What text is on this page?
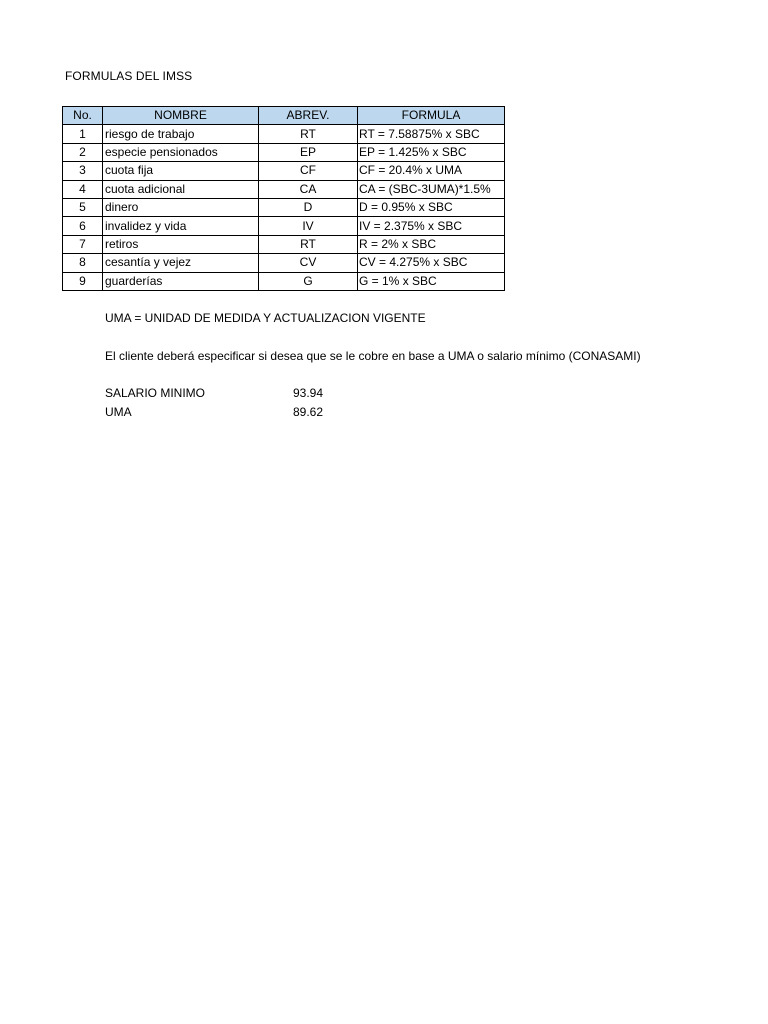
FORMULAS DEL IMSS
No.	NOMBRE	ABREV.	FORMULA
1	riesgo de trabajo	RT	RT = 7.58875% x SBC
2	especie pensionados	EP	EP = 1.425% x SBC
3	cuota fija	CF	CF = 20.4% x UMA
4	cuota adicional	CA	CA = (SBC-3UMA)*1.5%
5	dinero	D	D = 0.95% x SBC
6	invalidez y vida	IV	IV = 2.375% x SBC
7	retiros	RT	R = 2% x SBC
8	cesantía y vejez	CV	CV = 4.275% x SBC
9	guarderías	G	G = 1% x SBC
UMA = UNIDAD DE MEDIDA Y ACTUALIZACION VIGENTE
El cliente deberá especificar si desea que se le cobre en base a UMA o salario mínimo (CONASAMI)
SALARIO MINIMO	93.94
UMA	89.62
